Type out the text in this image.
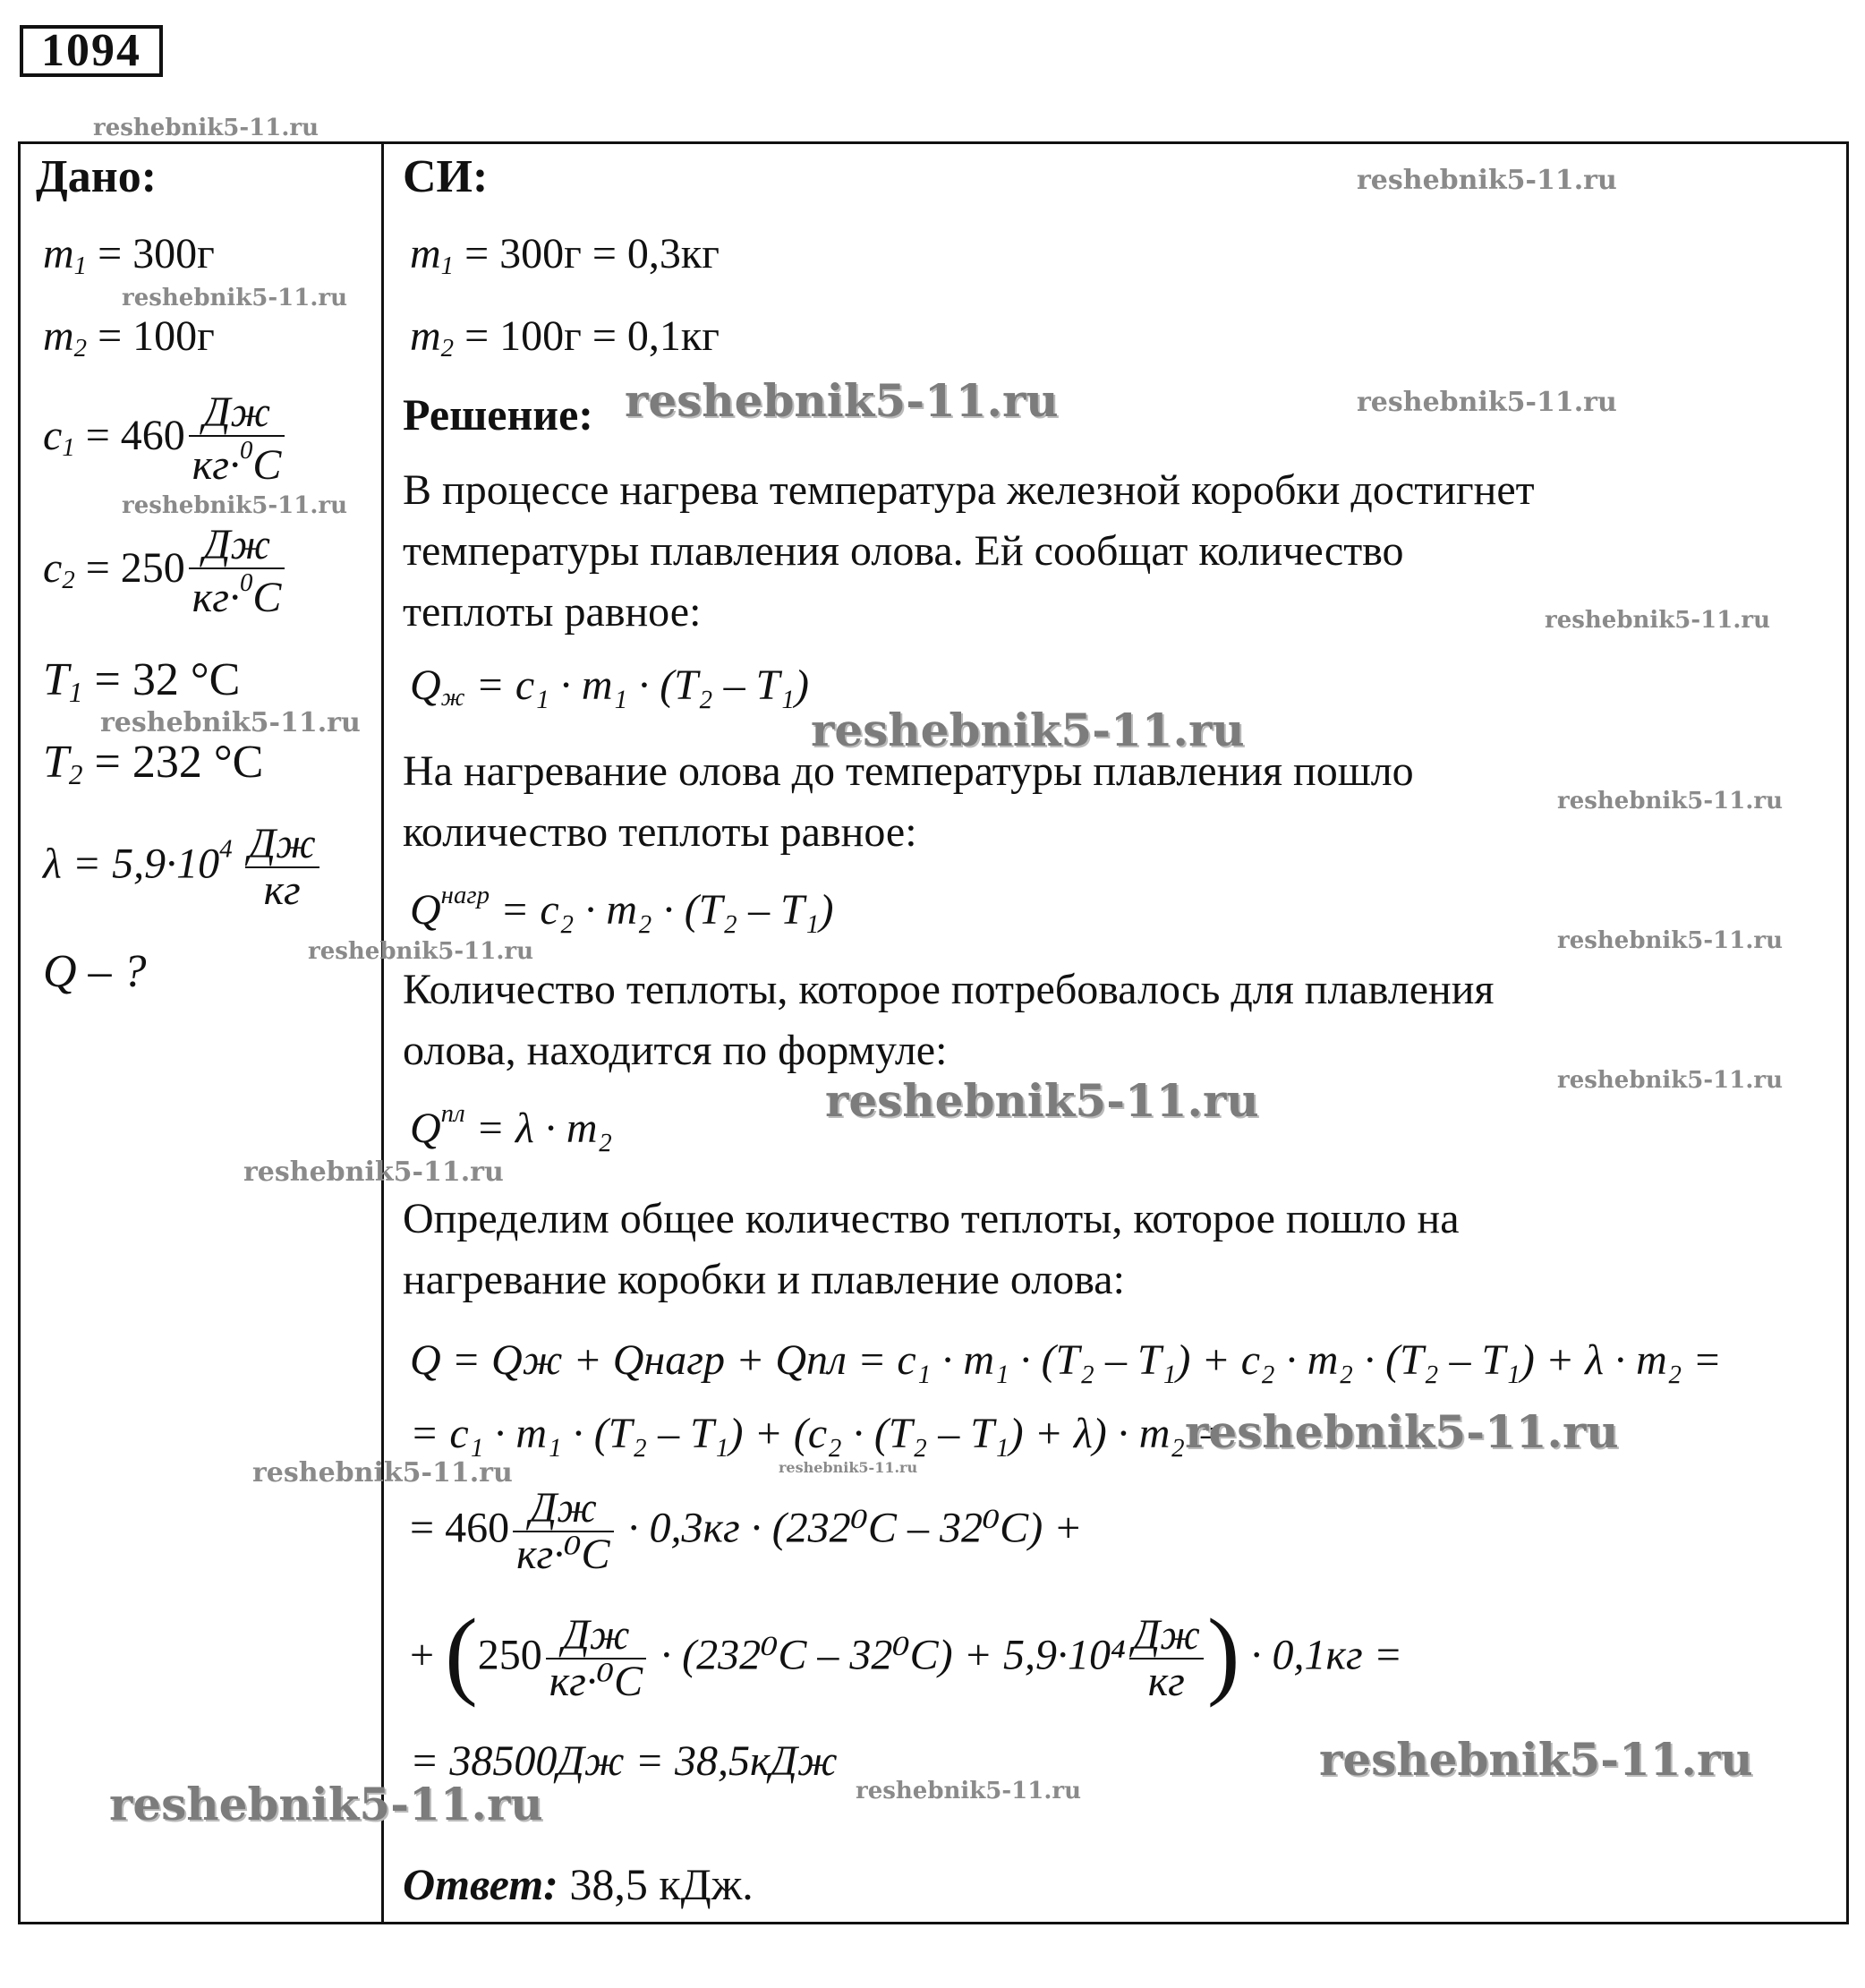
1094
Дано:
$m_1 = 300г$
$m_2 = 100г$
$c_1 = 460 \frac{Дж}{кг\cdot^0C}$
$c_2 = 250 \frac{Дж}{кг\cdot^0C}$
$T_1 = 32$ °C
$T_2 = 232$ °C
$\lambda = 5,9\cdot 10^4 \frac{Дж}{кг}$
Q – ?
СИ:
$m_1 = 300г = 0,3кг$
$m_2 = 100г = 0,1кг$
Решение:
В процессе нагрева температура железной коробки достигнет
температуры плавления олова. Ей сообщат количество
теплоты равное:
$Q_ж = c_1 \cdot m_1 \cdot (T_2 - T_1)$
На нагревание олова до температуры плавления пошло
количество теплоты равное:
$Q^{нагр} = c_2 \cdot m_2 \cdot (T_2 - T_1)$
Количество теплоты, которое потребовалось для плавления
олова, находится по формуле:
$Q^{пл} = \lambda \cdot m_2$
Определим общее количество теплоты, которое пошло на
нагревание коробки и плавление олова:
Q = Qж + Qнагр + Qпл = c₁ · m₁ · (T₂ – T₁) + c₂ · m₂ · (T₂ – T₁) + λ · m₂ =
= c₁ · m₁ · (T₂ – T₁) + (c₂ · (T₂ – T₁) + λ) · m₂ =
= $460 \frac{Дж}{\text{кг·⁰C}} \cdot 0,3кг \cdot (232^0C - 32^0C)$ +
+ ($250 \frac{Дж}{\text{кг·⁰C}} \cdot (232^0C - 32^0C) + 5,9\cdot 10^4 \frac{Дж}{кг}$ ) · 0,1кг =
= 38500Дж = 38,5кДж
Ответ: 38,5 кДж.
reshebnik5-11.ru
reshebnik5-11.ru
reshebnik5-11.ru
reshebnik5-11.ru	reshebnik5-11.ru
reshebnik5-11.ru
reshebnik5-11.ru
reshebnik5-11.ru	reshebnik5-11.ru
reshebnik5-11.ru
reshebnik5-11.ru
reshebnik5-11.ru
reshebnik5-11.ru
reshebnik5-11.ru
reshebnik5-11.ru
reshebnik5-11.ru
reshebnik5-11.ru
reshebnik5-11.ru
reshebnik5-11.ru
reshebnik5-11.ru
reshebnik5-11.ru
